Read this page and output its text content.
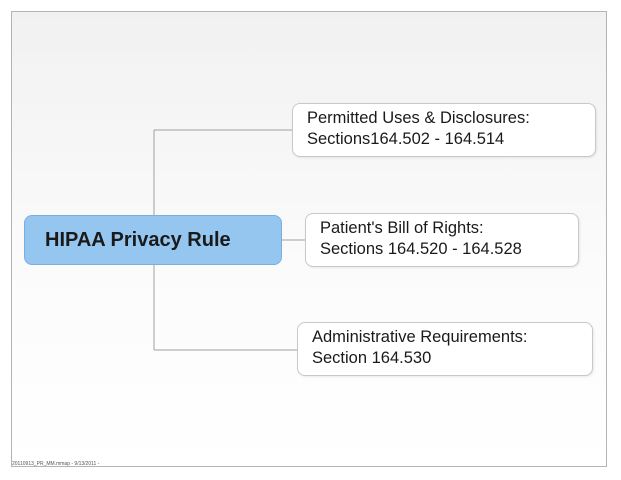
HIPAA Privacy Rule
Permitted Uses & Disclosures:
Sections164.502 - 164.514
Patient's Bill of Rights:
Sections 164.520 - 164.528
Administrative Requirements:
Section 164.530
20110913_PR_MM.mmap - 9/13/2011 -
